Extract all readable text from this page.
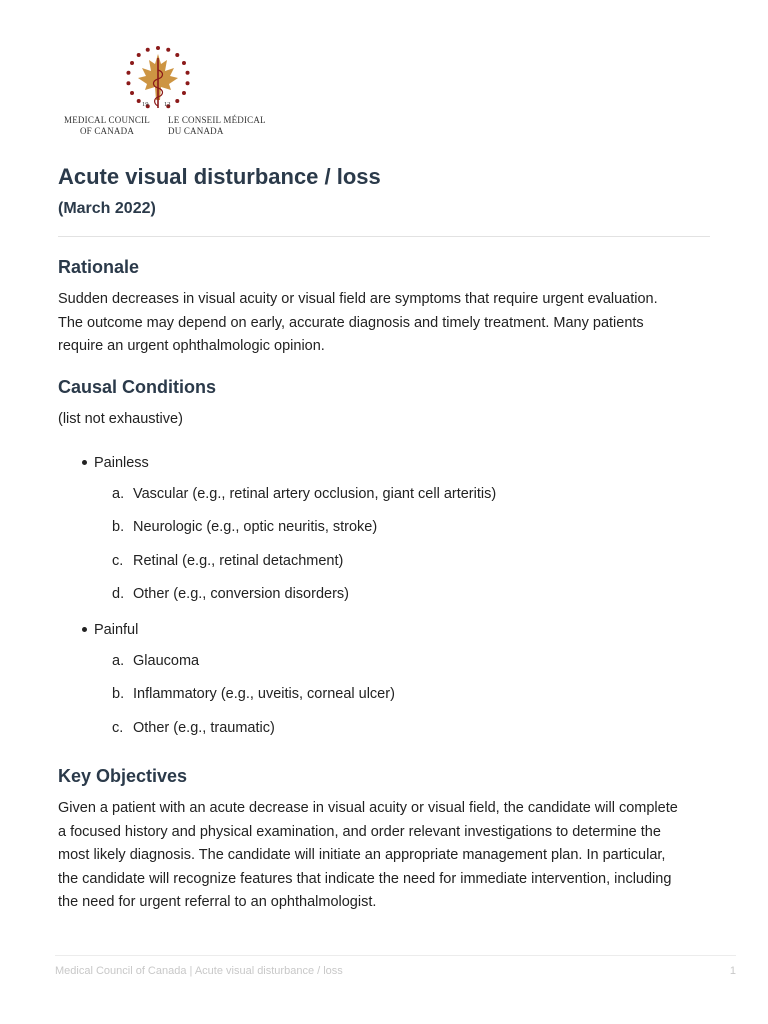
19 12
MEDICAL COUNCIL
OF CANADA
LE CONSEIL MÉDICAL
DU CANADA
Acute visual disturbance / loss
(March 2022)
Rationale
Sudden decreases in visual acuity or visual field are symptoms that require urgent evaluation.
The outcome may depend on early, accurate diagnosis and timely treatment. Many patients
require an urgent ophthalmologic opinion.
Causal Conditions
(list not exhaustive)
Painless
a. Vascular (e.g., retinal artery occlusion, giant cell arteritis)
b. Neurologic (e.g., optic neuritis, stroke)
c. Retinal (e.g., retinal detachment)
d. Other (e.g., conversion disorders)
Painful
a. Glaucoma
b. Inflammatory (e.g., uveitis, corneal ulcer)
c. Other (e.g., traumatic)
Key Objectives
Given a patient with an acute decrease in visual acuity or visual field, the candidate will complete
a focused history and physical examination, and order relevant investigations to determine the
most likely diagnosis. The candidate will initiate an appropriate management plan. In particular,
the candidate will recognize features that indicate the need for immediate intervention, including
the need for urgent referral to an ophthalmologist.
Medical Council of Canada | Acute visual disturbance / loss	1
